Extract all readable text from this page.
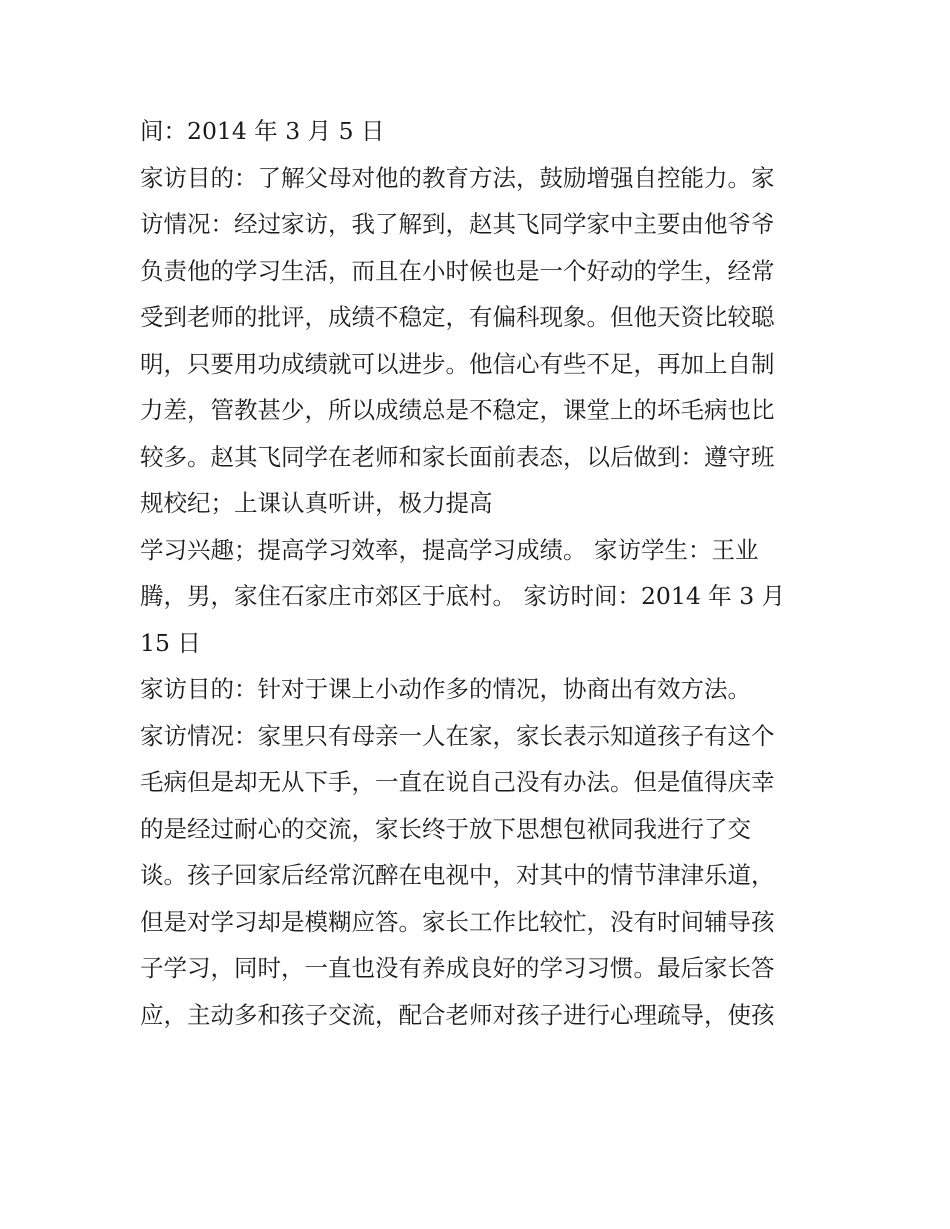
间：2014 年 3 月 5 日
家访目的：了解父母对他的教育方法，鼓励增强自控能力。家
访情况：经过家访，我了解到，赵其飞同学家中主要由他爷爷
负责他的学习生活，而且在小时候也是一个好动的学生，经常
受到老师的批评，成绩不稳定，有偏科现象。但他天资比较聪
明，只要用功成绩就可以进步。他信心有些不足，再加上自制
力差，管教甚少，所以成绩总是不稳定，课堂上的坏毛病也比
较多。赵其飞同学在老师和家长面前表态，以后做到：遵守班
规校纪；上课认真听讲，极力提高
学习兴趣；提高学习效率，提高学习成绩。 家访学生：王业
腾，男，家住石家庄市郊区于底村。 家访时间：2014 年 3 月
15 日
家访目的：针对于课上小动作多的情况，协商出有效方法。
家访情况：家里只有母亲一人在家，家长表示知道孩子有这个
毛病但是却无从下手，一直在说自己没有办法。但是值得庆幸
的是经过耐心的交流，家长终于放下思想包袱同我进行了交
谈。孩子回家后经常沉醉在电视中，对其中的情节津津乐道，
但是对学习却是模糊应答。家长工作比较忙，没有时间辅导孩
子学习，同时，一直也没有养成良好的学习习惯。最后家长答
应，主动多和孩子交流，配合老师对孩子进行心理疏导，使孩
